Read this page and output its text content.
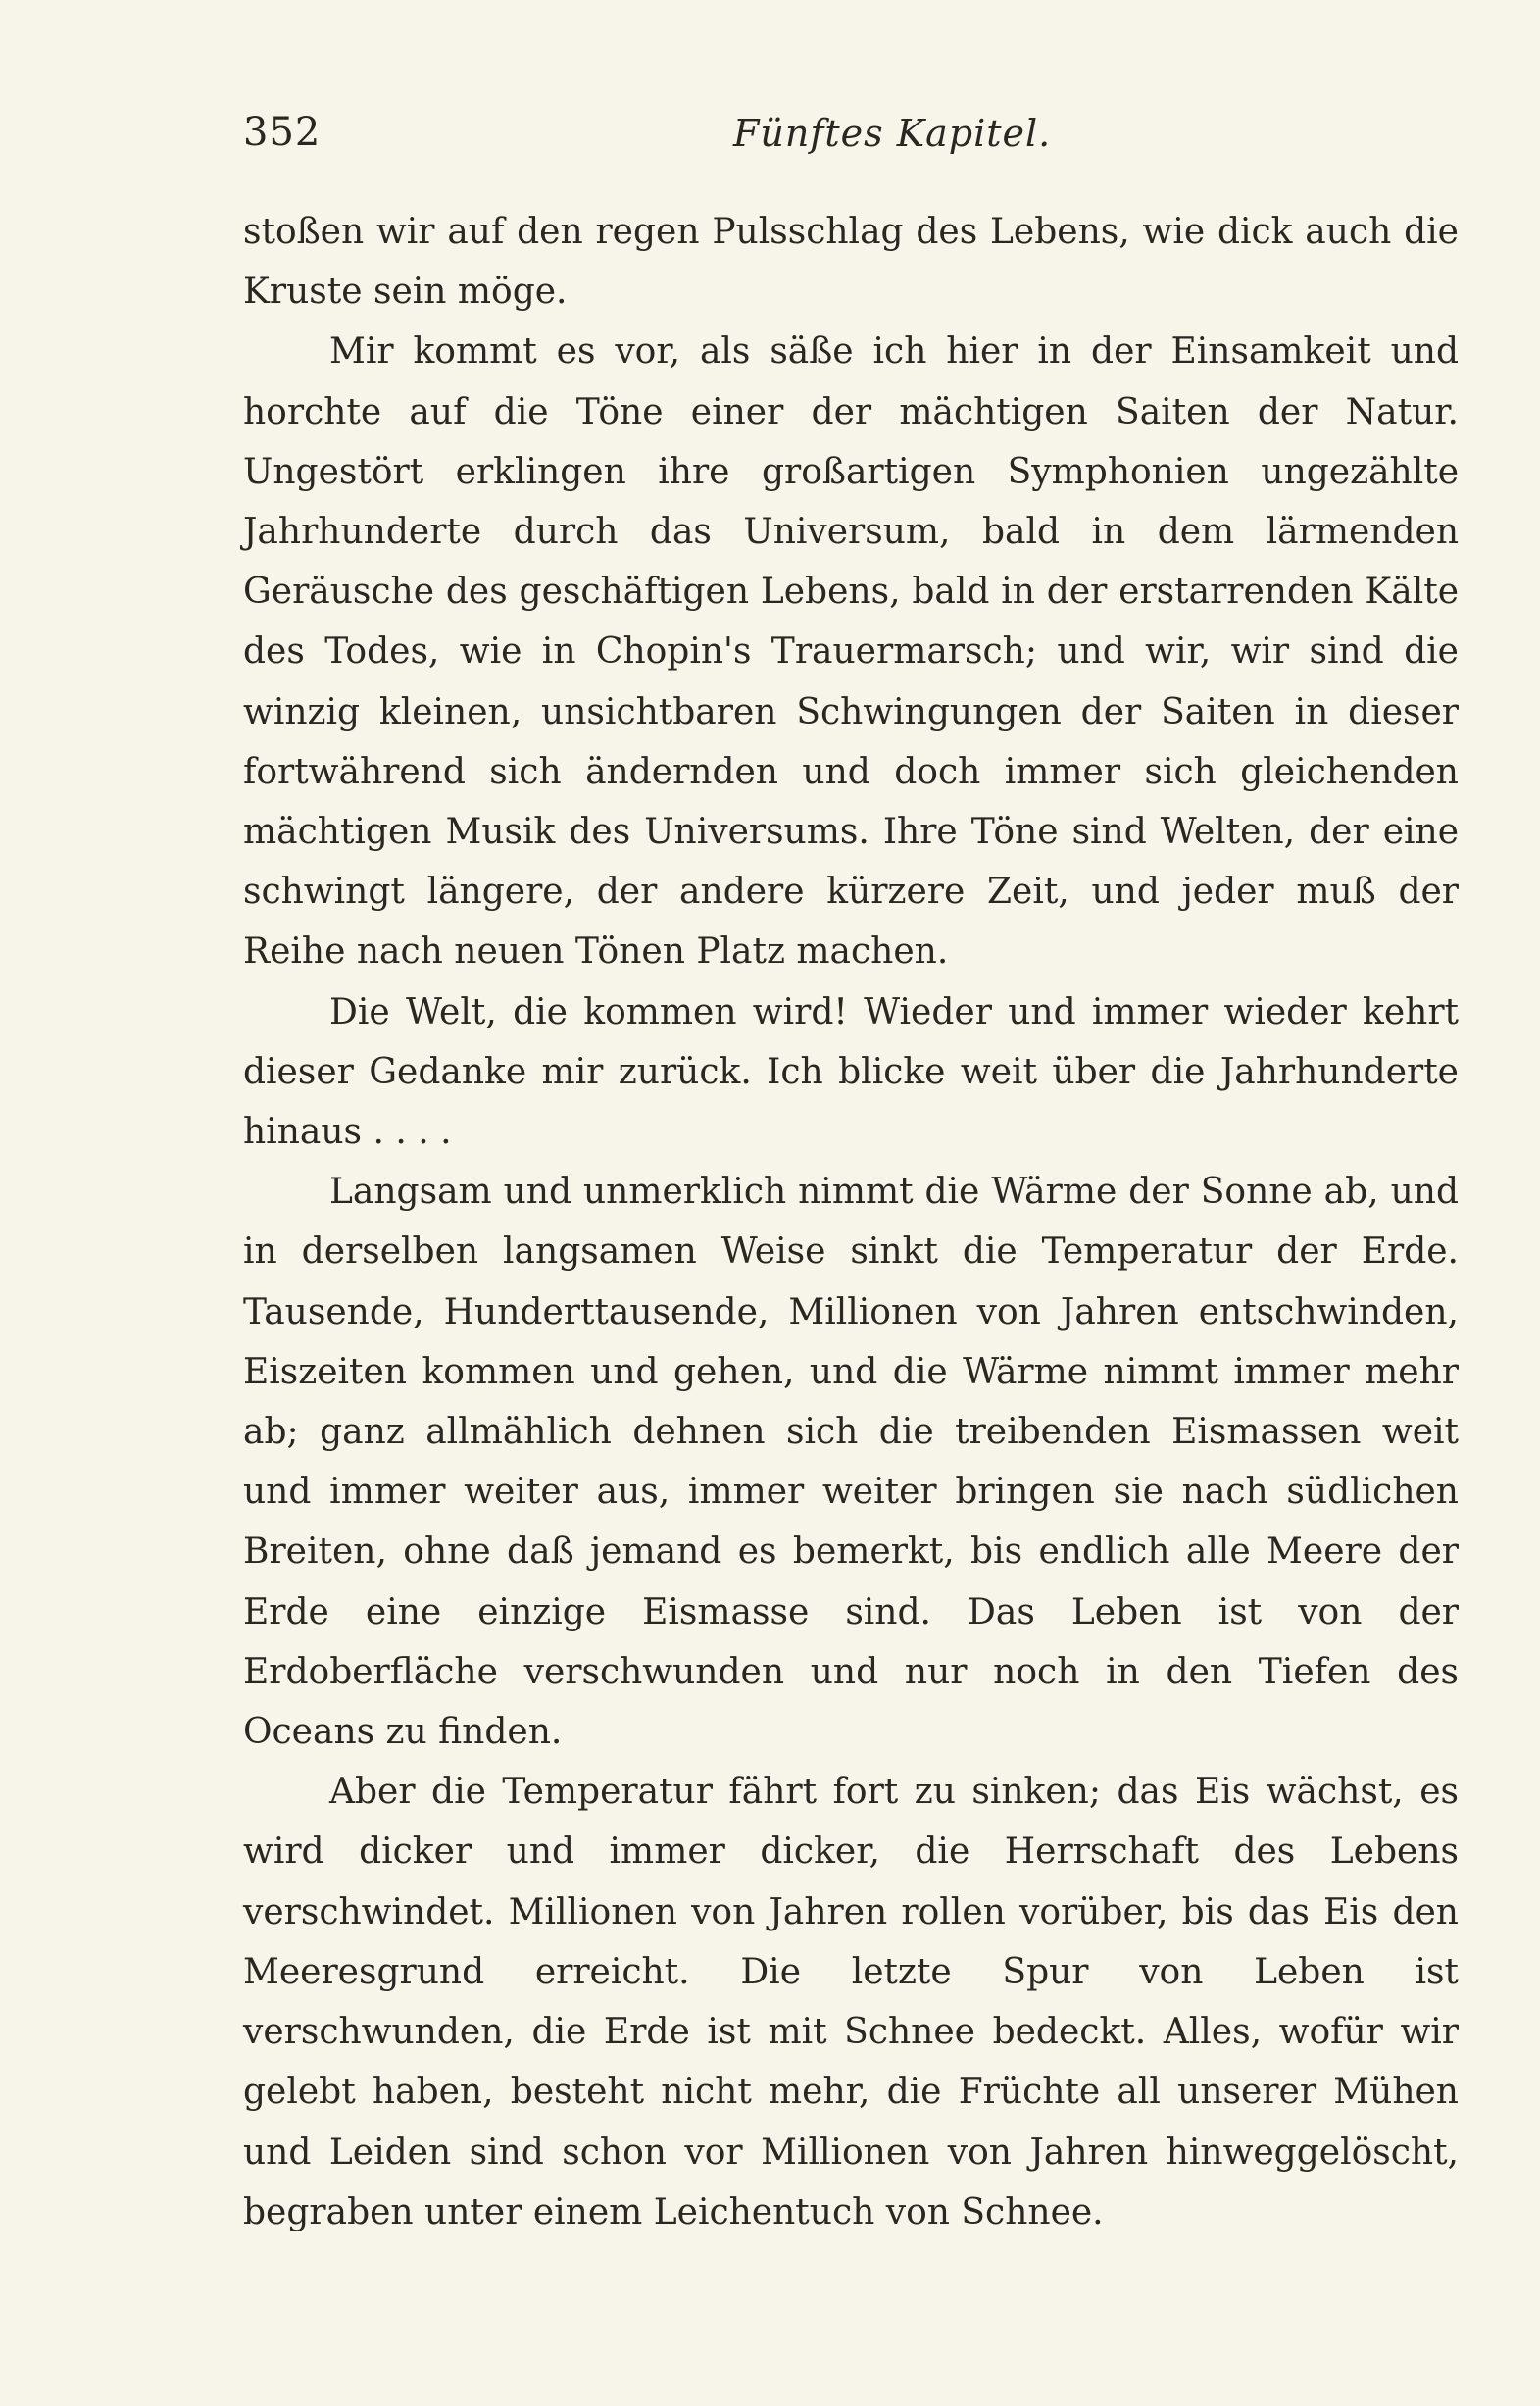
352	Fünftes Kapitel.

stoßen wir auf den regen Pulsschlag des Lebens, wie dick auch die Kruste sein möge.

Mir kommt es vor, als säße ich hier in der Einsamkeit und horchte auf die Töne einer der mächtigen Saiten der Natur. Ungestört erklingen ihre großartigen Symphonien ungezählte Jahrhunderte durch das Universum, bald in dem lärmenden Geräusche des geschäftigen Lebens, bald in der erstarrenden Kälte des Todes, wie in Chopin's Trauermarsch; und wir, wir sind die winzig kleinen, unsichtbaren Schwingungen der Saiten in dieser fortwährend sich ändernden und doch immer sich gleichenden mächtigen Musik des Universums. Ihre Töne sind Welten, der eine schwingt längere, der andere kürzere Zeit, und jeder muß der Reihe nach neuen Tönen Platz machen.

Die Welt, die kommen wird! Wieder und immer wieder kehrt dieser Gedanke mir zurück. Ich blicke weit über die Jahrhunderte hinaus . . . .

Langsam und unmerklich nimmt die Wärme der Sonne ab, und in derselben langsamen Weise sinkt die Temperatur der Erde. Tausende, Hunderttausende, Millionen von Jahren entschwinden, Eiszeiten kommen und gehen, und die Wärme nimmt immer mehr ab; ganz allmählich dehnen sich die treibenden Eismassen weit und immer weiter aus, immer weiter bringen sie nach südlichen Breiten, ohne daß jemand es bemerkt, bis endlich alle Meere der Erde eine einzige Eismasse sind. Das Leben ist von der Erdoberfläche verschwunden und nur noch in den Tiefen des Oceans zu finden.

Aber die Temperatur fährt fort zu sinken; das Eis wächst, es wird dicker und immer dicker, die Herrschaft des Lebens verschwindet. Millionen von Jahren rollen vorüber, bis das Eis den Meeresgrund erreicht. Die letzte Spur von Leben ist verschwunden, die Erde ist mit Schnee bedeckt. Alles, wofür wir gelebt haben, besteht nicht mehr, die Früchte all unserer Mühen und Leiden sind schon vor Millionen von Jahren hinweggelöscht, begraben unter einem Leichentuch von Schnee.
